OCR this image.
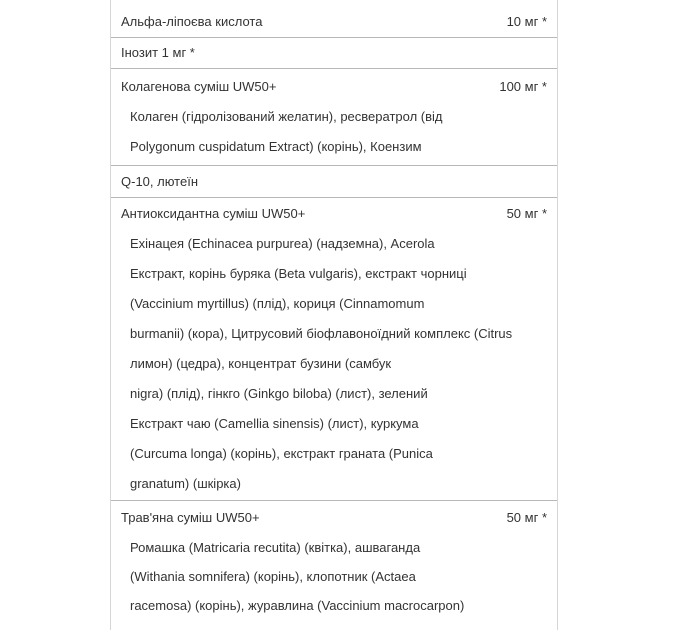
Альфа-ліпоєва кислота	10 мг *
Інозит 1 мг *
Колагенова суміш UW50+	100 мг *
Колаген (гідролізований желатин), ресвератрол (від
Polygonum cuspidatum Extract) (корінь), Коензим
Q-10, лютеїн
Антиоксидантна суміш UW50+	50 мг *
Ехінацея (Echinacea purpurea) (надземна), Acerola
Екстракт, корінь буряка (Beta vulgaris), екстракт чорниці
(Vaccinium myrtillus) (плід), кориця (Cinnamomum
burmanii) (кора), Цитрусовий біофлавоноїдний комплекс (Citrus
лимон) (цедра), концентрат бузини (самбук
nigra) (плід), гінкго (Ginkgo biloba) (лист), зелений
Екстракт чаю (Camellia sinensis) (лист), куркума
(Curcuma longa) (корінь), екстракт граната (Punica
granatum) (шкірка)
Трав'яна суміш UW50+	50 мг *
Ромашка (Matricaria recutita) (квітка), ашваганда
(Withania somnifera) (корінь), клопотник (Actaea
racemosa) (корінь), журавлина (Vaccinium macrocarpon)
